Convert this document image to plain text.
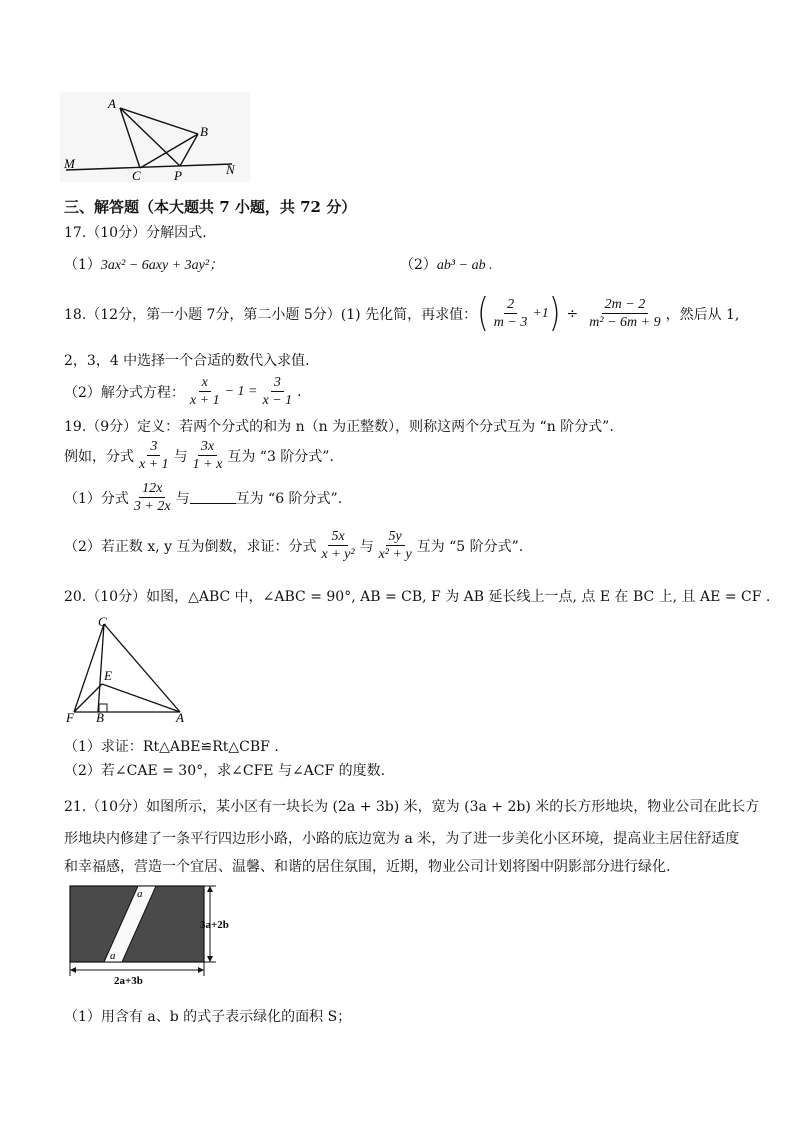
A
B
M
C	P	N
三、解答题（本大题共 7 小题，共 72 分）
17.（10分）分解因式.
（1）3ax² − 6axy + 3ay²；	（2）ab³ − ab .
18.（12分，第一小题 7分，第二小题 5分）(1) 先化简，再求值： ( $\frac{2}{m - 3} +1$ ) ÷ $\frac{2m - 2}{\text{m² − 6m + 9}}$ ，然后从 1,
2，3，4 中选择一个合适的数代入求值.
（2）解分式方程： $\frac{x}{x + 1} - 1 = \frac{3}{x - 1}$ .
19.（9分）定义：若两个分式的和为 n（n 为正整数），则称这两个分式互为 “n 阶分式”.
例如，分式 $\frac{3}{x + 1}$ 与 $\frac{3x}{1 + x}$ 互为 “3 阶分式”.
（1）分式 $\frac{12x}{3 + 2x}$ 与	互为 “6 阶分式”.
（2）若正数 x, y 互为倒数，求证：分式 $\frac{5x}{\text{x + y²}}$ 与 $\frac{5y}{\text{x² + y}}$ 互为 “5 阶分式”.
20.（10分）如图，△ABC 中，∠ABC = 90°, AB = CB, F 为 AB 延长线上一点, 点 E 在 BC 上, 且 AE = CF .
C
E
F B	A
（1）求证：Rt△ABE≌Rt△CBF .
（2）若∠CAE = 30°，求∠CFE 与∠ACF 的度数.
21.（10分）如图所示，某小区有一块长为 (2a + 3b) 米，宽为 (3a + 2b) 米的长方形地块，物业公司在此长方
形地块内修建了一条平行四边形小路，小路的底边宽为 a 米，为了进一步美化小区环境，提高业主居住舒适度
和幸福感，营造一个宜居、温馨、和谐的居住氛围，近期，物业公司计划将图中阴影部分进行绿化.
a
a
3a+2b
2a+3b
（1）用含有 a、b 的式子表示绿化的面积 S；
